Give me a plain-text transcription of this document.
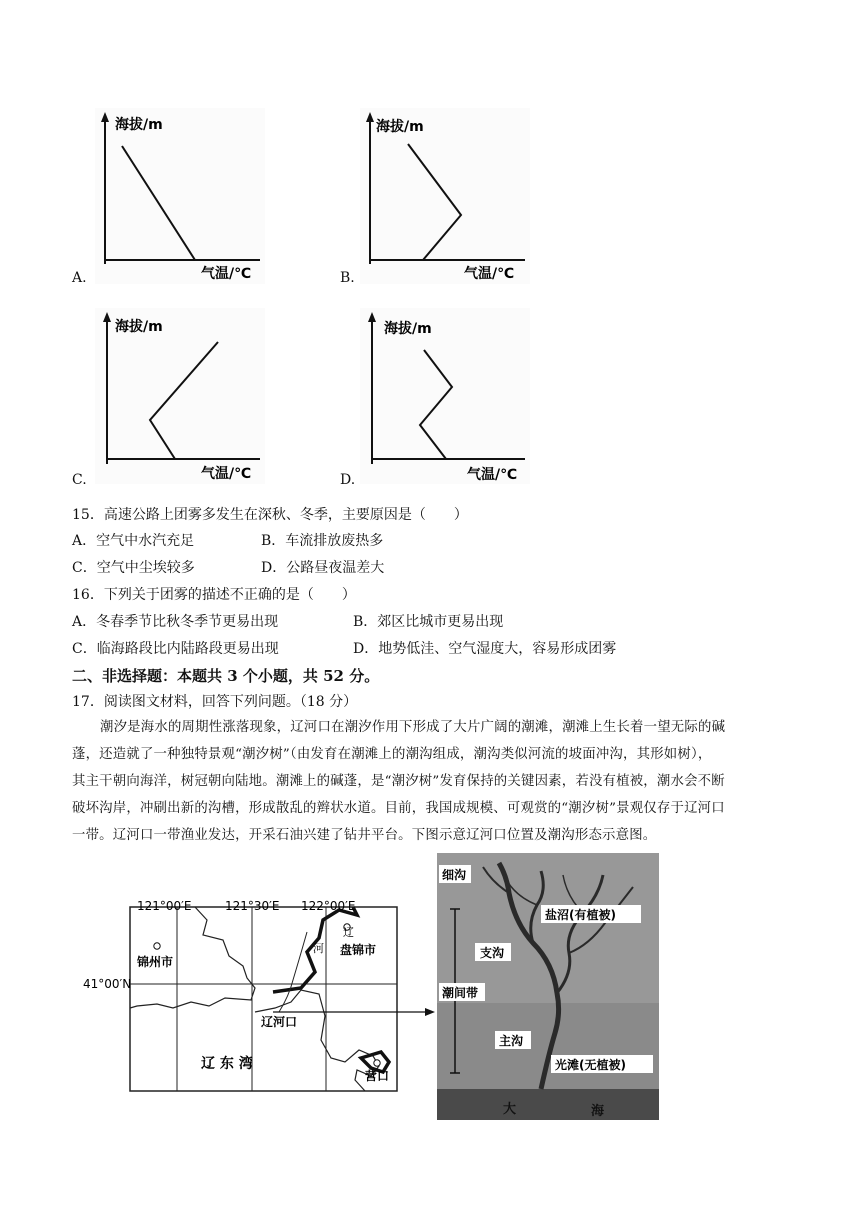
海拔/m
气温/℃
A.
海拔/m
气温/℃
B.
海拔/m
气温/℃
C.
海拔/m
气温/℃
D.
15．高速公路上团雾多发生在深秋、冬季，主要原因是（　　）
A．空气中水汽充足	B．车流排放废热多
C．空气中尘埃较多	D．公路昼夜温差大
16．下列关于团雾的描述不正确的是（　　）
A．冬春季节比秋冬季节更易出现	B．郊区比城市更易出现
C．临海路段比内陆路段更易出现	D．地势低洼、空气湿度大，容易形成团雾
二、非选择题：本题共 3 个小题，共 52 分。
17．阅读图文材料，回答下列问题。（18 分）
潮汐是海水的周期性涨落现象，辽河口在潮汐作用下形成了大片广阔的潮滩，潮滩上生长着一望无际的碱
蓬，还造就了一种独特景观“潮汐树”（由发育在潮滩上的潮沟组成，潮沟类似河流的坡面冲沟，其形如树），
其主干朝向海洋，树冠朝向陆地。潮滩上的碱蓬，是“潮汐树”发育保持的关键因素，若没有植被，潮水会不断
破坏沟岸，冲刷出新的沟槽，形成散乱的辫状水道。目前，我国成规模、可观赏的“潮汐树”景观仅存于辽河口
一带。辽河口一带渔业发达，开采石油兴建了钻井平台。下图示意辽河口位置及潮沟形态示意图。
121°00′E	121°30′E 122°00′E
41°00′N
锦州市
盘锦市
营口
辽
河
辽河口
辽 东 湾
细沟
盐沼(有植被)
支沟
潮间带
主沟
光滩(无植被)
大	海
